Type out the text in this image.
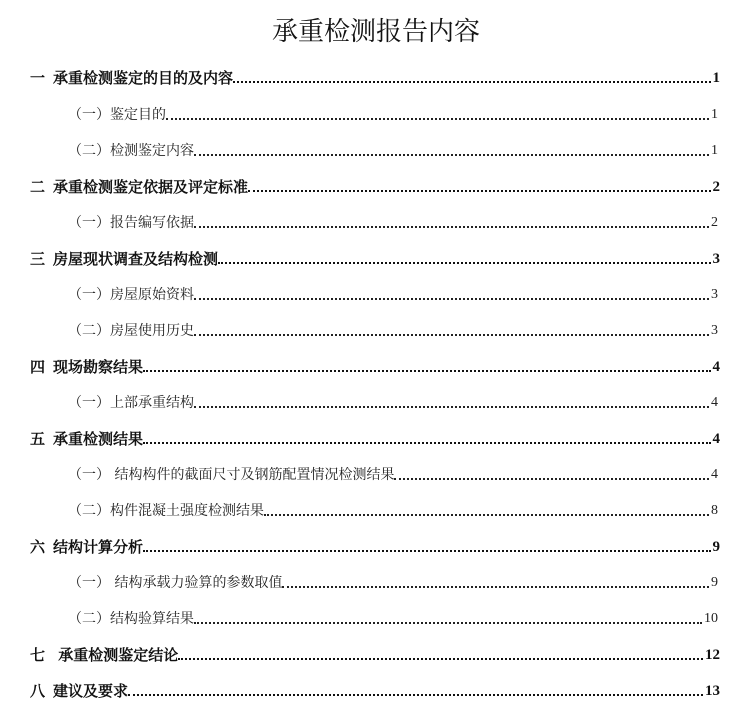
承重检测报告内容
一 承重检测鉴定的目的及内容	1
（一） 鉴定目的	1
（二） 检测鉴定内容	1
二 承重检测鉴定依据及评定标准	2
（一） 报告编写依据	2
三 房屋现状调查及结构检测	3
（一） 房屋原始资料	3
（二） 房屋使用历史	3
四 现场勘察结果	4
（一） 上部承重结构	4
五 承重检测结果	4
（一） 结构构件的截面尺寸及钢筋配置情况检测结果	4
（二） 构件混凝土强度检测结果	8
六 结构计算分析	9
（一） 结构承载力验算的参数取值	9
（二） 结构验算结果	10
七 承重检测鉴定结论	12
八 建议及要求	13
